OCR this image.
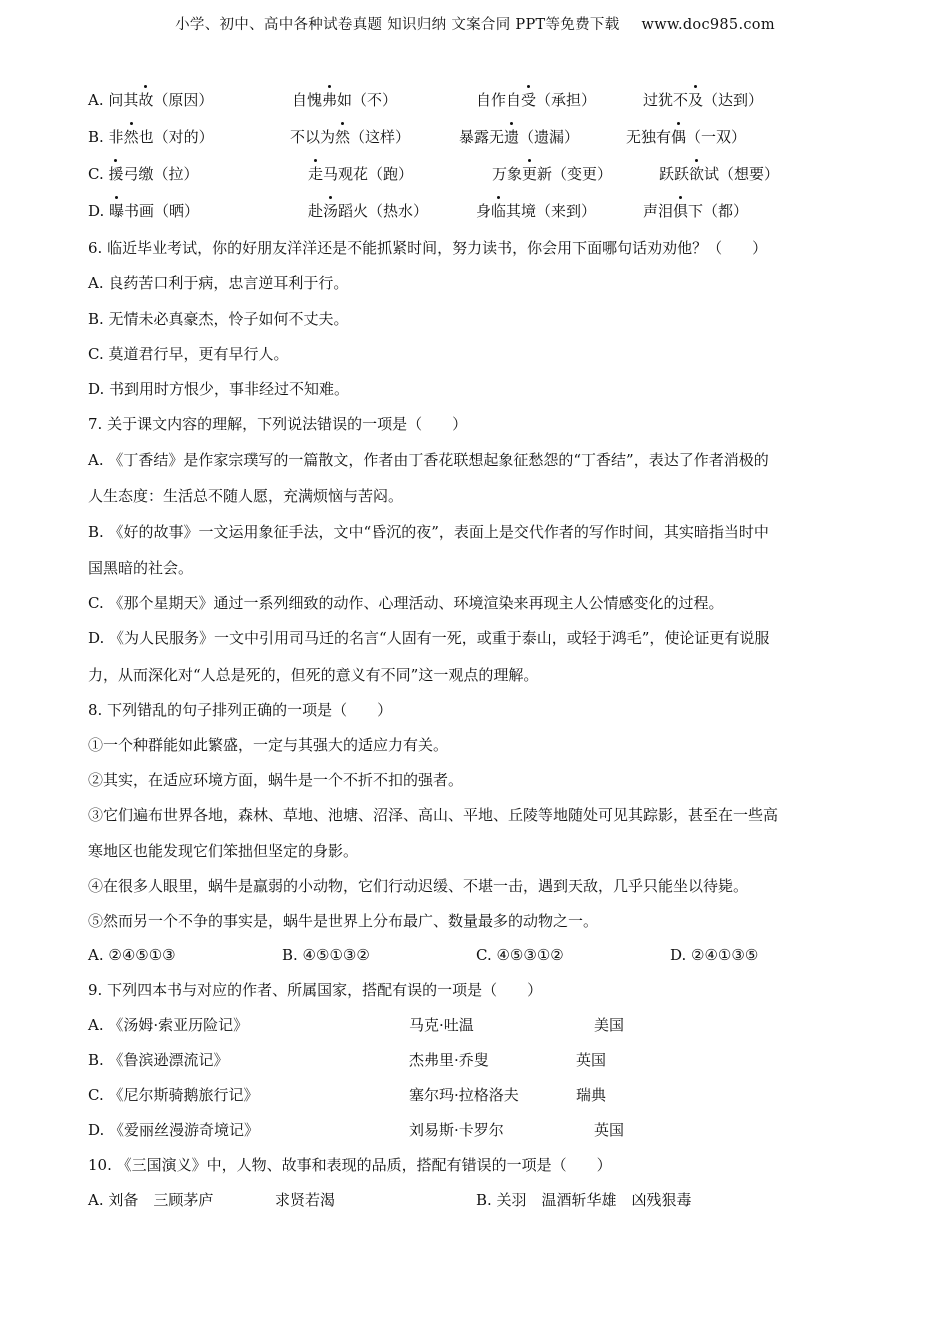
小学、初中、高中各种试卷真题 知识归纳 文案合同 PPT等免费下载 www.doc985.com
A. 问其故（原因）	自愧弗如（不）	自作自受（承担）	过犹不及（达到）
B. 非然也（对的）	不以为然（这样）	暴露无遗（遗漏）	无独有偶（一双）
C. 援弓缴（拉）	走马观花（跑）	万象更新（变更）	跃跃欲试（想要）
D. 曝书画（晒）	赴汤蹈火（热水）	身临其境（来到）	声泪俱下（都）
6. 临近毕业考试，你的好朋友洋洋还是不能抓紧时间，努力读书，你会用下面哪句话劝劝他？（　　）
A. 良药苦口利于病，忠言逆耳利于行。
B. 无情未必真豪杰，怜子如何不丈夫。
C. 莫道君行早，更有早行人。
D. 书到用时方恨少，事非经过不知难。
7. 关于课文内容的理解，下列说法错误的一项是（　　）
A. 《丁香结》是作家宗璞写的一篇散文，作者由丁香花联想起象征愁怨的“丁香结”，表达了作者消极的
人生态度：生活总不随人愿，充满烦恼与苦闷。
B. 《好的故事》一文运用象征手法，文中“昏沉的夜”，表面上是交代作者的写作时间，其实暗指当时中
国黑暗的社会。
C. 《那个星期天》通过一系列细致的动作、心理活动、环境渲染来再现主人公情感变化的过程。
D. 《为人民服务》一文中引用司马迁的名言“人固有一死，或重于泰山，或轻于鸿毛”，使论证更有说服
力，从而深化对“人总是死的，但死的意义有不同”这一观点的理解。
8. 下列错乱的句子排列正确的一项是（　　）
①一个种群能如此繁盛，一定与其强大的适应力有关。
②其实，在适应环境方面，蜗牛是一个不折不扣的强者。
③它们遍布世界各地，森林、草地、池塘、沼泽、高山、平地、丘陵等地随处可见其踪影，甚至在一些高
寒地区也能发现它们笨拙但坚定的身影。
④在很多人眼里，蜗牛是羸弱的小动物，它们行动迟缓、不堪一击，遇到天敌，几乎只能坐以待毙。
⑤然而另一个不争的事实是，蜗牛是世界上分布最广、数量最多的动物之一。
A. ②④⑤①③	B. ④⑤①③②	C. ④⑤③①②	D. ②④①③⑤
9. 下列四本书与对应的作者、所属国家，搭配有误的一项是（　　）
A. 《汤姆·索亚历险记》	马克·吐温	美国
B. 《鲁滨逊漂流记》	杰弗里·乔叟	英国
C. 《尼尔斯骑鹅旅行记》	塞尔玛·拉格洛夫	瑞典
D. 《爱丽丝漫游奇境记》	刘易斯·卡罗尔	英国
10. 《三国演义》中，人物、故事和表现的品质，搭配有错误的一项是（　　）
A. 刘备　三顾茅庐	求贤若渴	B. 关羽　温酒斩华雄　凶残狠毒
